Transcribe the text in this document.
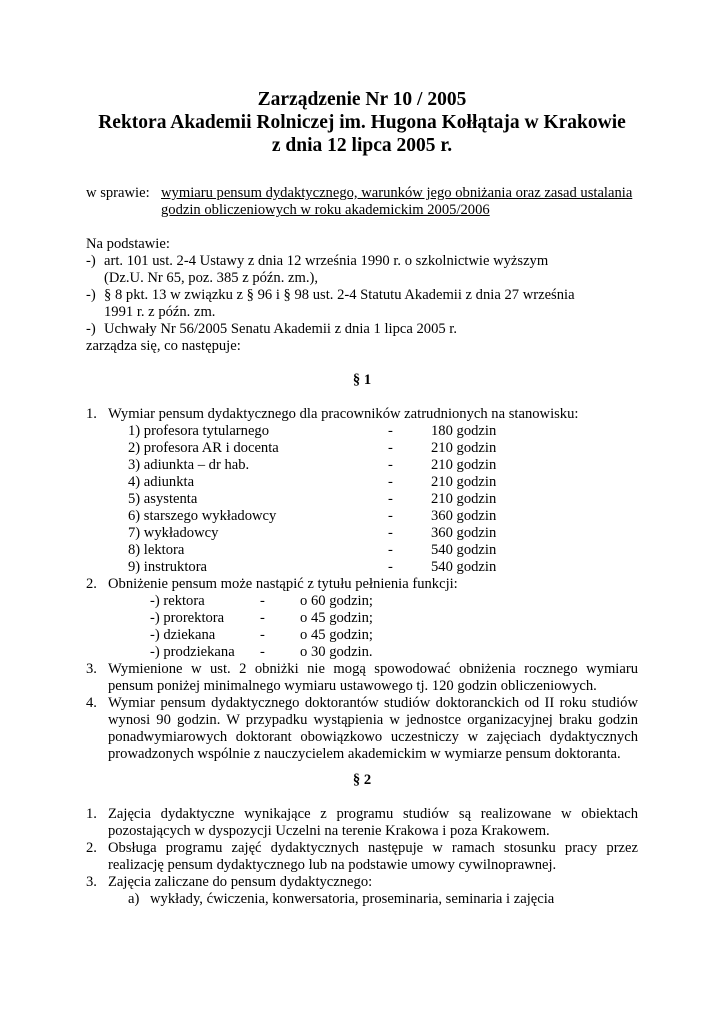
Zarządzenie Nr 10 / 2005
Rektora Akademii Rolniczej im. Hugona Kołłątaja w Krakowie
z dnia 12 lipca 2005 r.
w sprawie: wymiaru pensum dydaktycznego, warunków jego obniżania oraz zasad ustalania
godzin obliczeniowych w roku akademickim 2005/2006
Na podstawie:
-) art. 101 ust. 2-4 Ustawy z dnia 12 września 1990 r. o szkolnictwie wyższym
(Dz.U. Nr 65, poz. 385 z późn. zm.),
-) § 8 pkt. 13 w związku z § 96 i § 98 ust. 2-4 Statutu Akademii z dnia 27 września
1991 r. z późn. zm.
-) Uchwały Nr 56/2005 Senatu Akademii z dnia 1 lipca 2005 r.
zarządza się, co następuje:
§ 1
1. Wymiar pensum dydaktycznego dla pracowników zatrudnionych na stanowisku:
1) profesora tytularnego	-	180 godzin
2) profesora AR i docenta	-	210 godzin
3) adiunkta – dr hab.	-	210 godzin
4) adiunkta	-	210 godzin
5) asystenta	-	210 godzin
6) starszego wykładowcy	-	360 godzin
7) wykładowcy	-	360 godzin
8) lektora	-	540 godzin
9) instruktora	-	540 godzin
2. Obniżenie pensum może nastąpić z tytułu pełnienia funkcji:
-) rektora	- o 60 godzin;
-) prorektora - o 45 godzin;
-) dziekana	- o 45 godzin;
-) prodziekana - o 30 godzin.
3. Wymienione w ust. 2 obniżki nie mogą spowodować obniżenia rocznego wymiaru
pensum poniżej minimalnego wymiaru ustawowego tj. 120 godzin obliczeniowych.
4. Wymiar pensum dydaktycznego doktorantów studiów doktoranckich od II roku studiów
wynosi 90 godzin. W przypadku wystąpienia w jednostce organizacyjnej braku godzin
ponadwymiarowych doktorant obowiązkowo uczestniczy w zajęciach dydaktycznych
prowadzonych wspólnie z nauczycielem akademickim w wymiarze pensum doktoranta.
§ 2
1. Zajęcia dydaktyczne wynikające z programu studiów są realizowane w obiektach
pozostających w dyspozycji Uczelni na terenie Krakowa i poza Krakowem.
2. Obsługa programu zajęć dydaktycznych następuje w ramach stosunku pracy przez
realizację pensum dydaktycznego lub na podstawie umowy cywilnoprawnej.
3. Zajęcia zaliczane do pensum dydaktycznego:
a) wykłady, ćwiczenia, konwersatoria, proseminaria, seminaria i zajęcia
